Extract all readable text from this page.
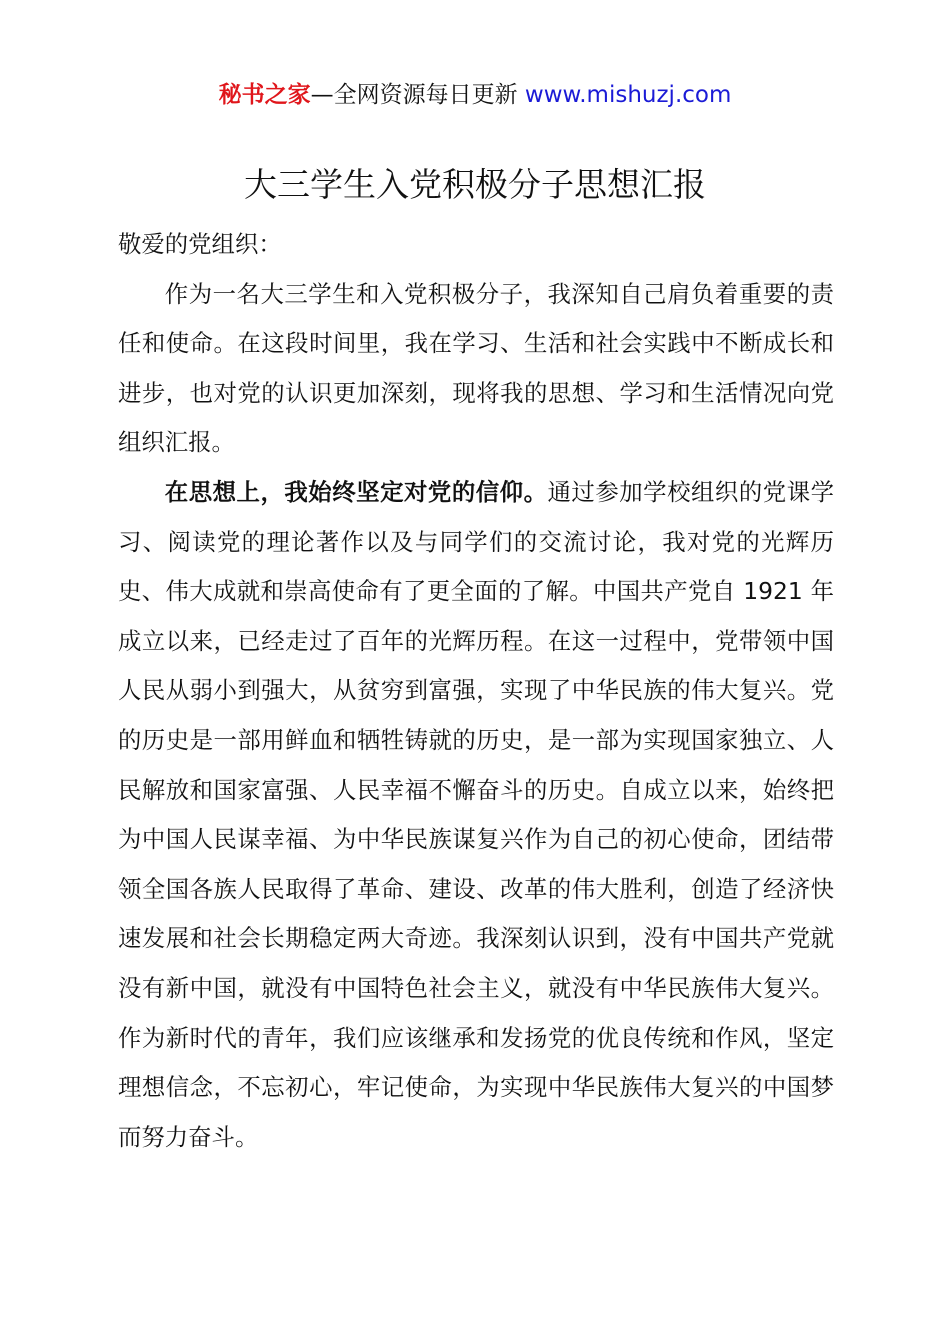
秘书之家—全网资源每日更新 www.mishuzj.com
大三学生入党积极分子思想汇报

敬爱的党组织：

作为一名大三学生和入党积极分子，我深知自己肩负着重要的责任和使命。在这段时间里，我在学习、生活和社会实践中不断成长和进步，也对党的认识更加深刻，现将我的思想、学习和生活情况向党组织汇报。

在思想上，我始终坚定对党的信仰。通过参加学校组织的党课学习、阅读党的理论著作以及与同学们的交流讨论，我对党的光辉历史、伟大成就和崇高使命有了更全面的了解。中国共产党自 1921 年成立以来，已经走过了百年的光辉历程。在这一过程中，党带领中国人民从弱小到强大，从贫穷到富强，实现了中华民族的伟大复兴。党的历史是一部用鲜血和牺牲铸就的历史，是一部为实现国家独立、人民解放和国家富强、人民幸福不懈奋斗的历史。自成立以来，始终把为中国人民谋幸福、为中华民族谋复兴作为自己的初心使命，团结带领全国各族人民取得了革命、建设、改革的伟大胜利，创造了经济快速发展和社会长期稳定两大奇迹。我深刻认识到，没有中国共产党就没有新中国，就没有中国特色社会主义，就没有中华民族伟大复兴。作为新时代的青年，我们应该继承和发扬党的优良传统和作风，坚定理想信念，不忘初心，牢记使命，为实现中华民族伟大复兴的中国梦而努力奋斗。
